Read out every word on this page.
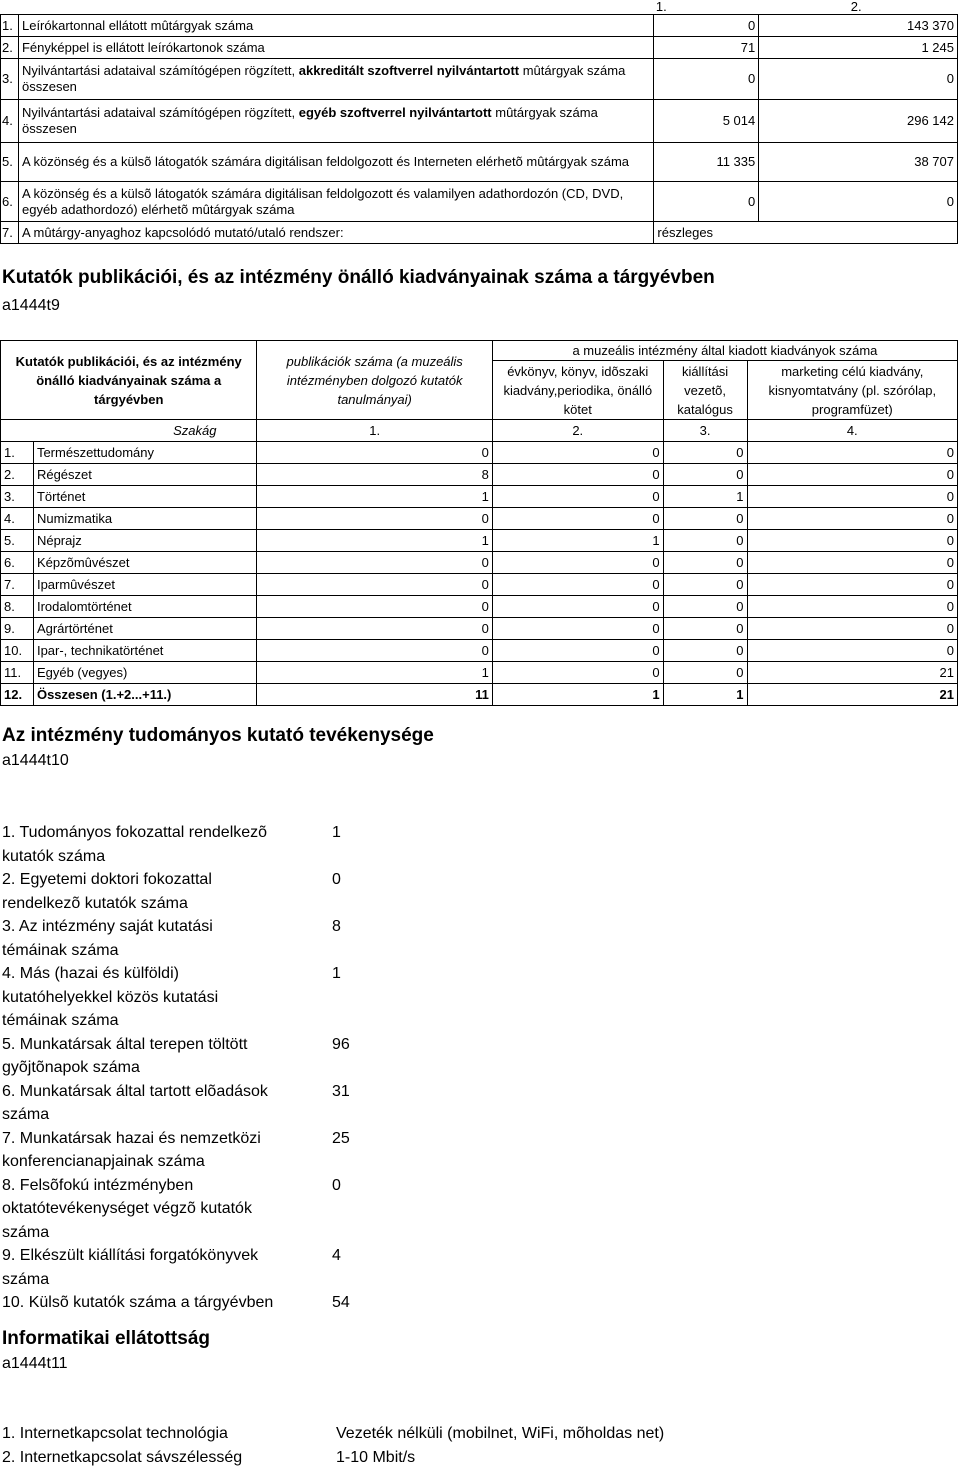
		1.	2.
1.	Leírókartonnal ellátott mûtárgyak száma	0	143 370
2.	Fényképpel is ellátott leírókartonok száma	71	1 245
3.	Nyilvántartási adataival számítógépen rögzített, akkreditált szoftverrel nyilvántartott mûtárgyak száma összesen	0	0
4.	Nyilvántartási adataival számítógépen rögzített, egyéb szoftverrel nyilvántartott mûtárgyak száma összesen	5 014	296 142
5.	A közönség és a külsõ látogatók számára digitálisan feldolgozott és Interneten elérhetõ mûtárgyak száma	11 335	38 707
6.	A közönség és a külsõ látogatók számára digitálisan feldolgozott és valamilyen adathordozón (CD, DVD, egyéb adathordozó) elérhetõ mûtárgyak száma	0	0
7.	A mûtárgy-anyaghoz kapcsolódó mutató/utaló rendszer:	részleges	
Kutatók publikációi, és az intézmény önálló kiadványainak száma a tárgyévben
a1444t9
Kutatók publikációi, és az intézmény önálló kiadványainak száma a tárgyévben		publikációk száma (a muzeális intézményben dolgozó kutatók tanulmányai)	a muzeális intézmény által kiadott kiadványok száma		
			évkönyv, könyv, idõszaki kiadvány,periodika, önálló kötet	kiállítási vezetõ, katalógus	marketing célú kiadvány, kisnyomtatvány (pl. szórólap, programfüzet)
Szakág		1.	2.	3.	4.
1.	Természettudomány	0	0	0	0
2.	Régészet	8	0	0	0
3.	Történet	1	0	1	0
4.	Numizmatika	0	0	0	0
5.	Néprajz	1	1	0	0
6.	Képzõmûvészet	0	0	0	0
7.	Iparmûvészet	0	0	0	0
8.	Irodalomtörténet	0	0	0	0
9.	Agrártörténet	0	0	0	0
10.	Ipar-, technikatörténet	0	0	0	0
11.	Egyéb (vegyes)	1	0	0	21
12.	Összesen (1.+2...+11.)	11	1	1	21
Az intézmény tudományos kutató tevékenysége
a1444t10
1. Tudományos fokozattal rendelkezõ	1
kutatók száma
2. Egyetemi doktori fokozattal	0
rendelkezõ kutatók száma
3. Az intézmény saját kutatási	8
témáinak száma
4. Más (hazai és külföldi)	1
kutatóhelyekkel közös kutatási
témáinak száma
5. Munkatársak által terepen töltött	96
gyõjtõnapok száma
6. Munkatársak által tartott elõadások	31
száma
7. Munkatársak hazai és nemzetközi	25
konferencianapjainak száma
8. Felsõfokú intézményben	0
oktatótevékenységet végzõ kutatók
száma
9. Elkészült kiállítási forgatókönyvek	4
száma
10. Külsõ kutatók száma a tárgyévben	54
Informatikai ellátottság
a1444t11
1. Internetkapcsolat technológia	Vezeték nélküli (mobilnet, WiFi, mõholdas net)
2. Internetkapcsolat sávszélesség	1-10 Mbit/s
